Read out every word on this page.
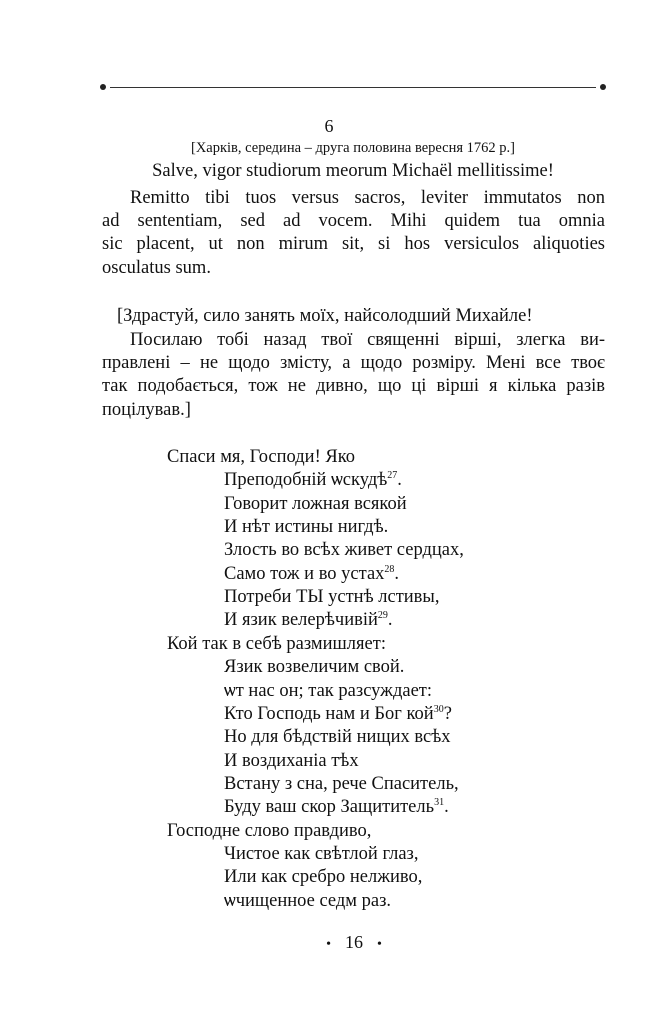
6
[Харків, середина – друга половина вересня 1762 р.]
Salve, vigor studiorum meorum Michaël mellitissime!
Remitto tibi tuos versus sacros, leviter immutatos non
ad sententiam, sed ad vocem. Mihi quidem tua omnia
sic placent, ut non mirum sit, si hos versiculos aliquoties
osculatus sum.
[Здрастуй, сило занять моїх, найсолодший Михайле!
Посилаю тобі назад твої священні вірші, злегка ви-
правлені – не щодо змісту, а щодо розміру. Мені все твоє
так подобається, тож не дивно, що ці вірші я кілька разів
поцілував.]
Спаси мя, Господи! Яко
Преподобній ѡскудѣ$^{27}$.
Говорит ложная всякой
И нѣт истины нигдѣ.
Злость во всѣх живет сердцах,
Само тож и во устах$^{28}$.
Потреби ТЫ устнѣ лстивы,
И язик велерѣчивій$^{29}$.
Кой так в себѣ размишляет:
Язик возвеличим свой.
ѡт нас он; так разсуждает:
Кто Господь нам и Бог кой$^{30}$?
Но для бѣдствій нищих всѣх
И воздиханіа тѣх
Встану з сна, рече Спаситель,
Буду ваш скор Защититель$^{31}$.
Господне слово правдиво,
Чистое как свѣтлой глаз,
Или как сребро нелживо,
ѡчищенное седм раз.
• 16 •
